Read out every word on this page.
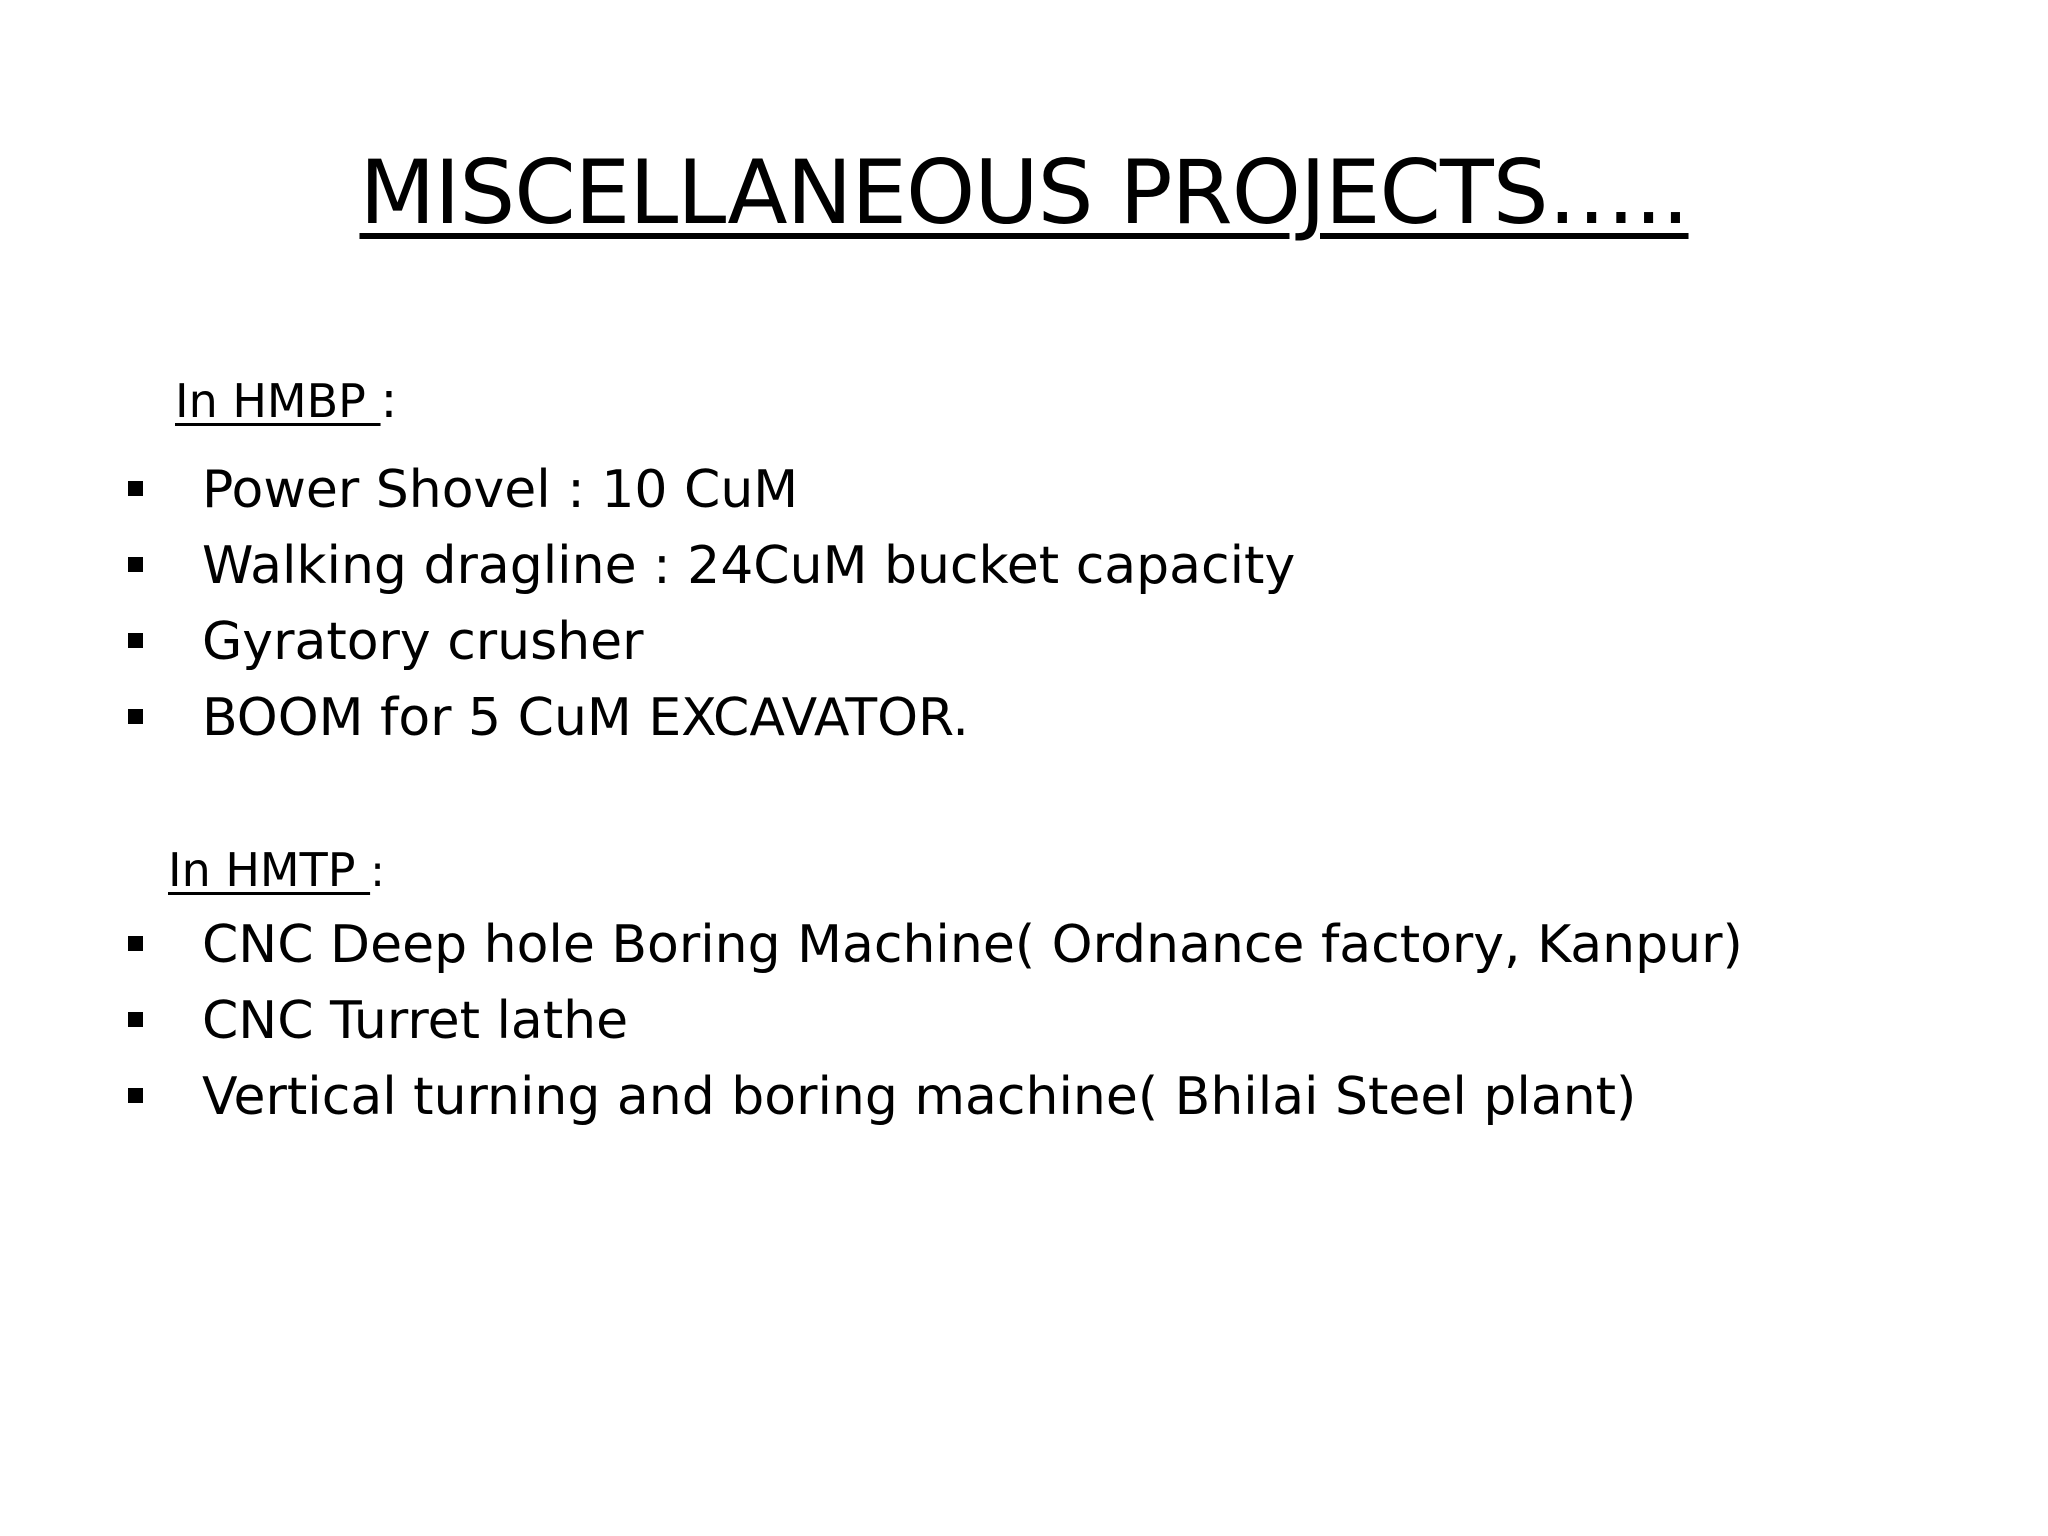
MISCELLANEOUS PROJECTS…..
In HMBP :
Power Shovel : 10 CuM
Walking dragline : 24CuM bucket capacity
Gyratory crusher
BOOM for 5 CuM EXCAVATOR.
In HMTP :
CNC Deep hole Boring Machine( Ordnance factory, Kanpur)
CNC Turret lathe
Vertical turning and boring machine( Bhilai Steel plant)
